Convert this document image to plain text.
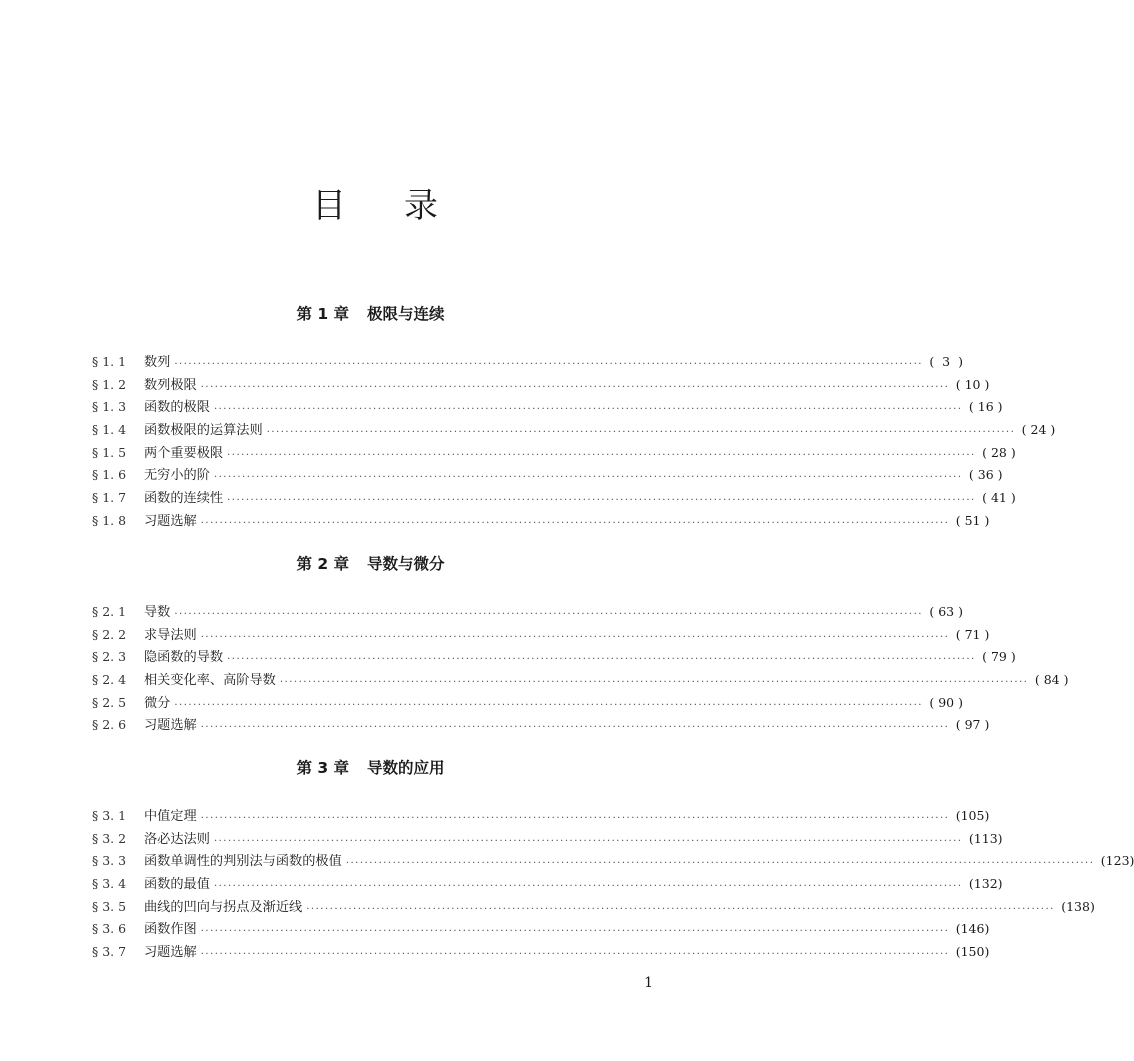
目 录
第 1 章 极限与连续
§ 1. 1	数列 ................................................................................................................................................................ (  3  )
§ 1. 2	数列极限 ................................................................................................................................................................ ( 10 )
§ 1. 3	函数的极限 ................................................................................................................................................................ ( 16 )
§ 1. 4	函数极限的运算法则 ................................................................................................................................................................ ( 24 )
§ 1. 5	两个重要极限 ................................................................................................................................................................ ( 28 )
§ 1. 6	无穷小的阶 ................................................................................................................................................................ ( 36 )
§ 1. 7	函数的连续性 ................................................................................................................................................................ ( 41 )
§ 1. 8	习题选解 ................................................................................................................................................................ ( 51 )
第 2 章 导数与微分
§ 2. 1	导数 ................................................................................................................................................................ ( 63 )
§ 2. 2	求导法则 ................................................................................................................................................................ ( 71 )
§ 2. 3	隐函数的导数 ................................................................................................................................................................ ( 79 )
§ 2. 4	相关变化率、高阶导数 ................................................................................................................................................................ ( 84 )
§ 2. 5	微分 ................................................................................................................................................................ ( 90 )
§ 2. 6	习题选解 ................................................................................................................................................................ ( 97 )
第 3 章 导数的应用
§ 3. 1	中值定理 ................................................................................................................................................................ (105)
§ 3. 2	洛必达法则 ................................................................................................................................................................ (113)
§ 3. 3	函数单调性的判别法与函数的极值 ................................................................................................................................................................ (123)
§ 3. 4	函数的最值 ................................................................................................................................................................ (132)
§ 3. 5	曲线的凹向与拐点及渐近线 ................................................................................................................................................................ (138)
§ 3. 6	函数作图 ................................................................................................................................................................ (146)
§ 3. 7	习题选解 ................................................................................................................................................................ (150)
1
